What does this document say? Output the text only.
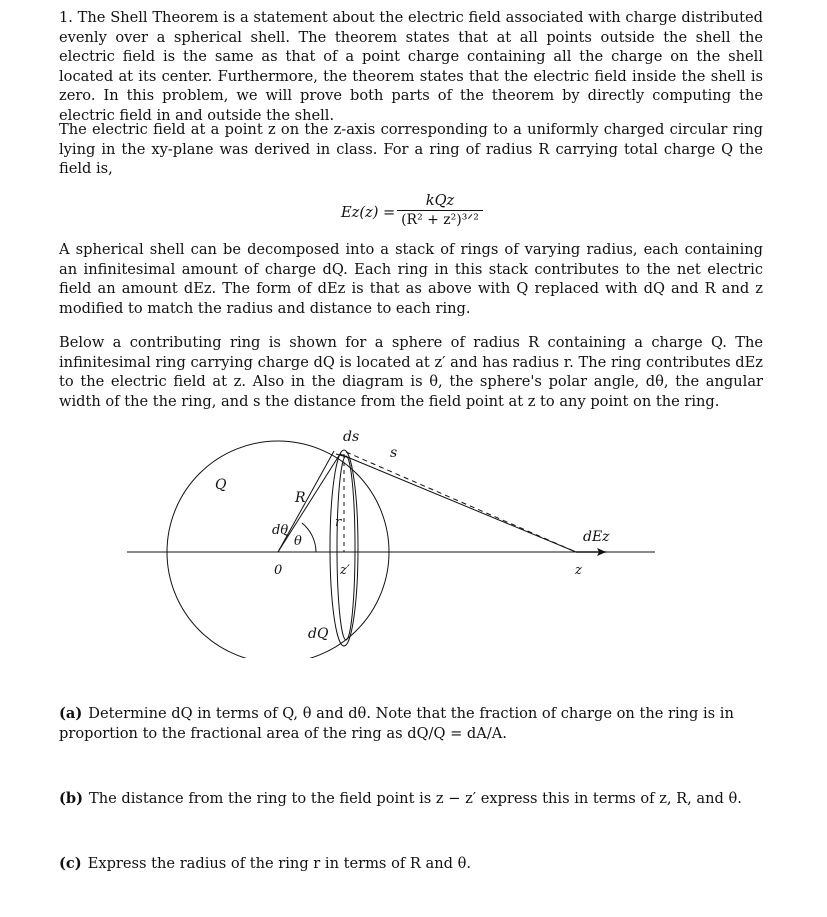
1. The Shell Theorem is a statement about the electric field associated with charge distributed evenly over a spherical shell. The theorem states that at all points outside the shell the electric field is the same as that of a point charge containing all the charge on the shell located at its center. Furthermore, the theorem states that the electric field inside the shell is zero. In this problem, we will prove both parts of the theorem by directly computing the electric field in and outside the shell.

The electric field at a point z on the z-axis corresponding to a uniformly charged circular ring lying in the xy-plane was derived in class. For a ring of radius R carrying total charge Q the field is,

Ez(z) =
kQz
(R² + z²)³ᐟ²

A spherical shell can be decomposed into a stack of rings of varying radius, each containing an infinitesimal amount of charge dQ. Each ring in this stack contributes to the net electric field an amount dEz. The form of dEz is that as above with Q replaced with dQ and R and z modified to match the radius and distance to each ring.

Below a contributing ring is shown for a sphere of radius R containing a charge Q. The infinitesimal ring carrying charge dQ is located at z′ and has radius r. The ring contributes dEz to the electric field at z. Also in the diagram is θ, the sphere's polar angle, dθ, the angular width of the the ring, and s the distance from the field point at z to any point on the ring.

ds
s
Q
R
r
dθ
θ
0	z′
dEz
z
dQ

(a) Determine dQ in terms of Q, θ and dθ. Note that the fraction of charge on the ring is in proportion to the fractional area of the ring as dQ/Q = dA/A.

(b) The distance from the ring to the field point is z − z′ express this in terms of z, R, and θ.

(c) Express the radius of the ring r in terms of R and θ.
